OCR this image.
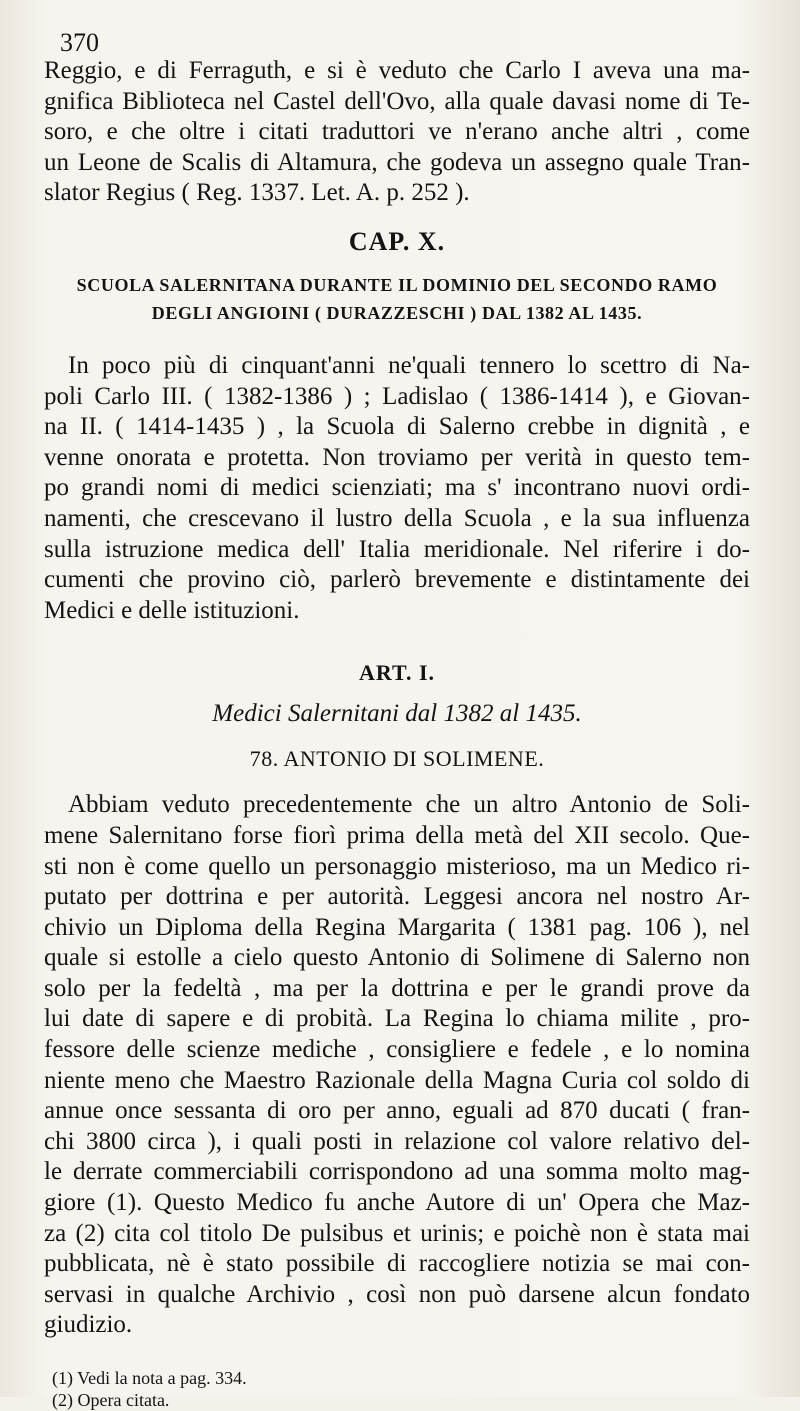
370
Reggio, e di Ferraguth, e si è veduto che Carlo I aveva una ma-
gnifica Biblioteca nel Castel dell'Ovo, alla quale davasi nome di Te-
soro, e che oltre i citati traduttori ve n'erano anche altri , come
un Leone de Scalis di Altamura, che godeva un assegno quale Tran-
slator Regius ( Reg. 1337. Let. A. p. 252 ).
CAP. X.
SCUOLA SALERNITANA DURANTE IL DOMINIO DEL SECONDO RAMO
DEGLI ANGIOINI ( DURAZZESCHI ) DAL 1382 AL 1435.
In poco più di cinquant'anni ne'quali tennero lo scettro di Na-
poli Carlo III. ( 1382-1386 ) ; Ladislao ( 1386-1414 ), e Giovan-
na II. ( 1414-1435 ) , la Scuola di Salerno crebbe in dignità , e
venne onorata e protetta. Non troviamo per verità in questo tem-
po grandi nomi di medici scienziati; ma s' incontrano nuovi ordi-
namenti, che crescevano il lustro della Scuola , e la sua influenza
sulla istruzione medica dell' Italia meridionale. Nel riferire i do-
cumenti che provino ciò, parlerò brevemente e distintamente dei
Medici e delle istituzioni.
ART. I.
Medici Salernitani dal 1382 al 1435.
78. ANTONIO DI SOLIMENE.
Abbiam veduto precedentemente che un altro Antonio de Soli-
mene Salernitano forse fiorì prima della metà del XII secolo. Que-
sti non è come quello un personaggio misterioso, ma un Medico ri-
putato per dottrina e per autorità. Leggesi ancora nel nostro Ar-
chivio un Diploma della Regina Margarita ( 1381 pag. 106 ), nel
quale si estolle a cielo questo Antonio di Solimene di Salerno non
solo per la fedeltà , ma per la dottrina e per le grandi prove da
lui date di sapere e di probità. La Regina lo chiama milite , pro-
fessore delle scienze mediche , consigliere e fedele , e lo nomina
niente meno che Maestro Razionale della Magna Curia col soldo di
annue once sessanta di oro per anno, eguali ad 870 ducati ( fran-
chi 3800 circa ), i quali posti in relazione col valore relativo del-
le derrate commerciabili corrispondono ad una somma molto mag-
giore (1). Questo Medico fu anche Autore di un' Opera che Maz-
za (2) cita col titolo De pulsibus et urinis; e poichè non è stata mai
pubblicata, nè è stato possibile di raccogliere notizia se mai con-
servasi in qualche Archivio , così non può darsene alcun fondato
giudizio.
(1) Vedi la nota a pag. 334.
(2) Opera citata.
